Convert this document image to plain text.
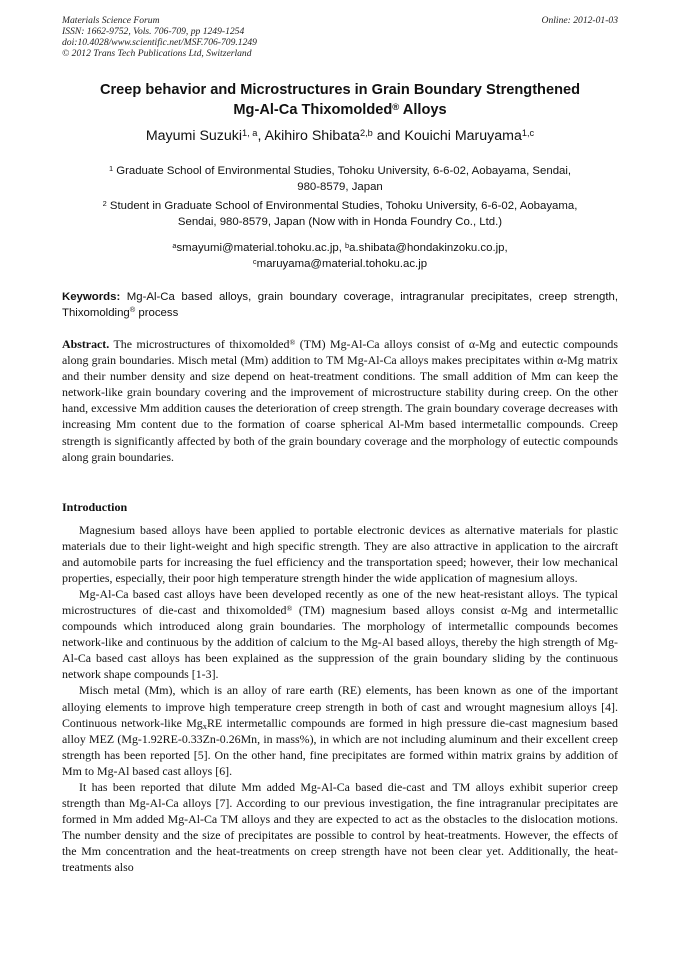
Materials Science Forum
ISSN: 1662-9752, Vols. 706-709, pp 1249-1254
doi:10.4028/www.scientific.net/MSF.706-709.1249
© 2012 Trans Tech Publications Ltd, Switzerland
Online: 2012-01-03
Creep behavior and Microstructures in Grain Boundary Strengthened
Mg-Al-Ca Thixomolded® Alloys
Mayumi Suzuki$^{1, a}$, Akihiro Shibata$^{2,b}$ and Kouichi Maruyama$^{1,c}$
$^1$ Graduate School of Environmental Studies, Tohoku University, 6-6-02, Aobayama, Sendai,
980-8579, Japan
$^2$ Student in Graduate School of Environmental Studies, Tohoku University, 6-6-02, Aobayama,
Sendai, 980-8579, Japan (Now with in Honda Foundry Co., Ltd.)
$^a$smayumi@material.tohoku.ac.jp, $^b$a.shibata@hondakinzoku.co.jp,
$^c$maruyama@material.tohoku.ac.jp
Keywords: Mg-Al-Ca based alloys, grain boundary coverage, intragranular precipitates, creep strength, Thixomolding® process
Abstract. The microstructures of thixomolded® (TM) Mg-Al-Ca alloys consist of α-Mg and eutectic compounds along grain boundaries. Misch metal (Mm) addition to TM Mg-Al-Ca alloys makes precipitates within α-Mg matrix and their number density and size depend on heat-treatment conditions. The small addition of Mm can keep the network-like grain boundary covering and the improvement of microstructure stability during creep. On the other hand, excessive Mm addition causes the deterioration of creep strength. The grain boundary coverage decreases with increasing Mm content due to the formation of coarse spherical Al-Mm based intermetallic compounds. Creep strength is significantly affected by both of the grain boundary coverage and the morphology of eutectic compounds along grain boundaries.
Introduction

Magnesium based alloys have been applied to portable electronic devices as alternative materials for plastic materials due to their light-weight and high specific strength. They are also attractive in application to the aircraft and automobile parts for increasing the fuel efficiency and the transportation speed; however, their low mechanical properties, especially, their poor high temperature strength hinder the wide application of magnesium alloys.

Mg-Al-Ca based cast alloys have been developed recently as one of the new heat-resistant alloys. The typical microstructures of die-cast and thixomolded® (TM) magnesium based alloys consist α-Mg and intermetallic compounds which introduced along grain boundaries. The morphology of intermetallic compounds becomes network-like and continuous by the addition of calcium to the Mg-Al based alloys, thereby the high strength of Mg-Al-Ca based cast alloys has been explained as the suppression of the grain boundary sliding by the continuous network shape compounds [1-3].

Misch metal (Mm), which is an alloy of rare earth (RE) elements, has been known as one of the important alloying elements to improve high temperature creep strength in both of cast and wrought magnesium alloys [4]. Continuous network-like $Mg_xRE$ intermetallic compounds are formed in high pressure die-cast magnesium based alloy MEZ (Mg-1.92RE-0.33Zn-0.26Mn, in mass%), in which are not including aluminum and their excellent creep strength has been reported [5]. On the other hand, fine precipitates are formed within matrix grains by addition of Mm to Mg-Al based cast alloys [6].

It has been reported that dilute Mm added Mg-Al-Ca based die-cast and TM alloys exhibit superior creep strength than Mg-Al-Ca alloys [7]. According to our previous investigation, the fine intragranular precipitates are formed in Mm added Mg-Al-Ca TM alloys and they are expected to act as the obstacles to the dislocation motions. The number density and the size of precipitates are possible to control by heat-treatments. However, the effects of the Mm concentration and the heat-treatments on creep strength have not been clear yet. Additionally, the heat-treatments also
